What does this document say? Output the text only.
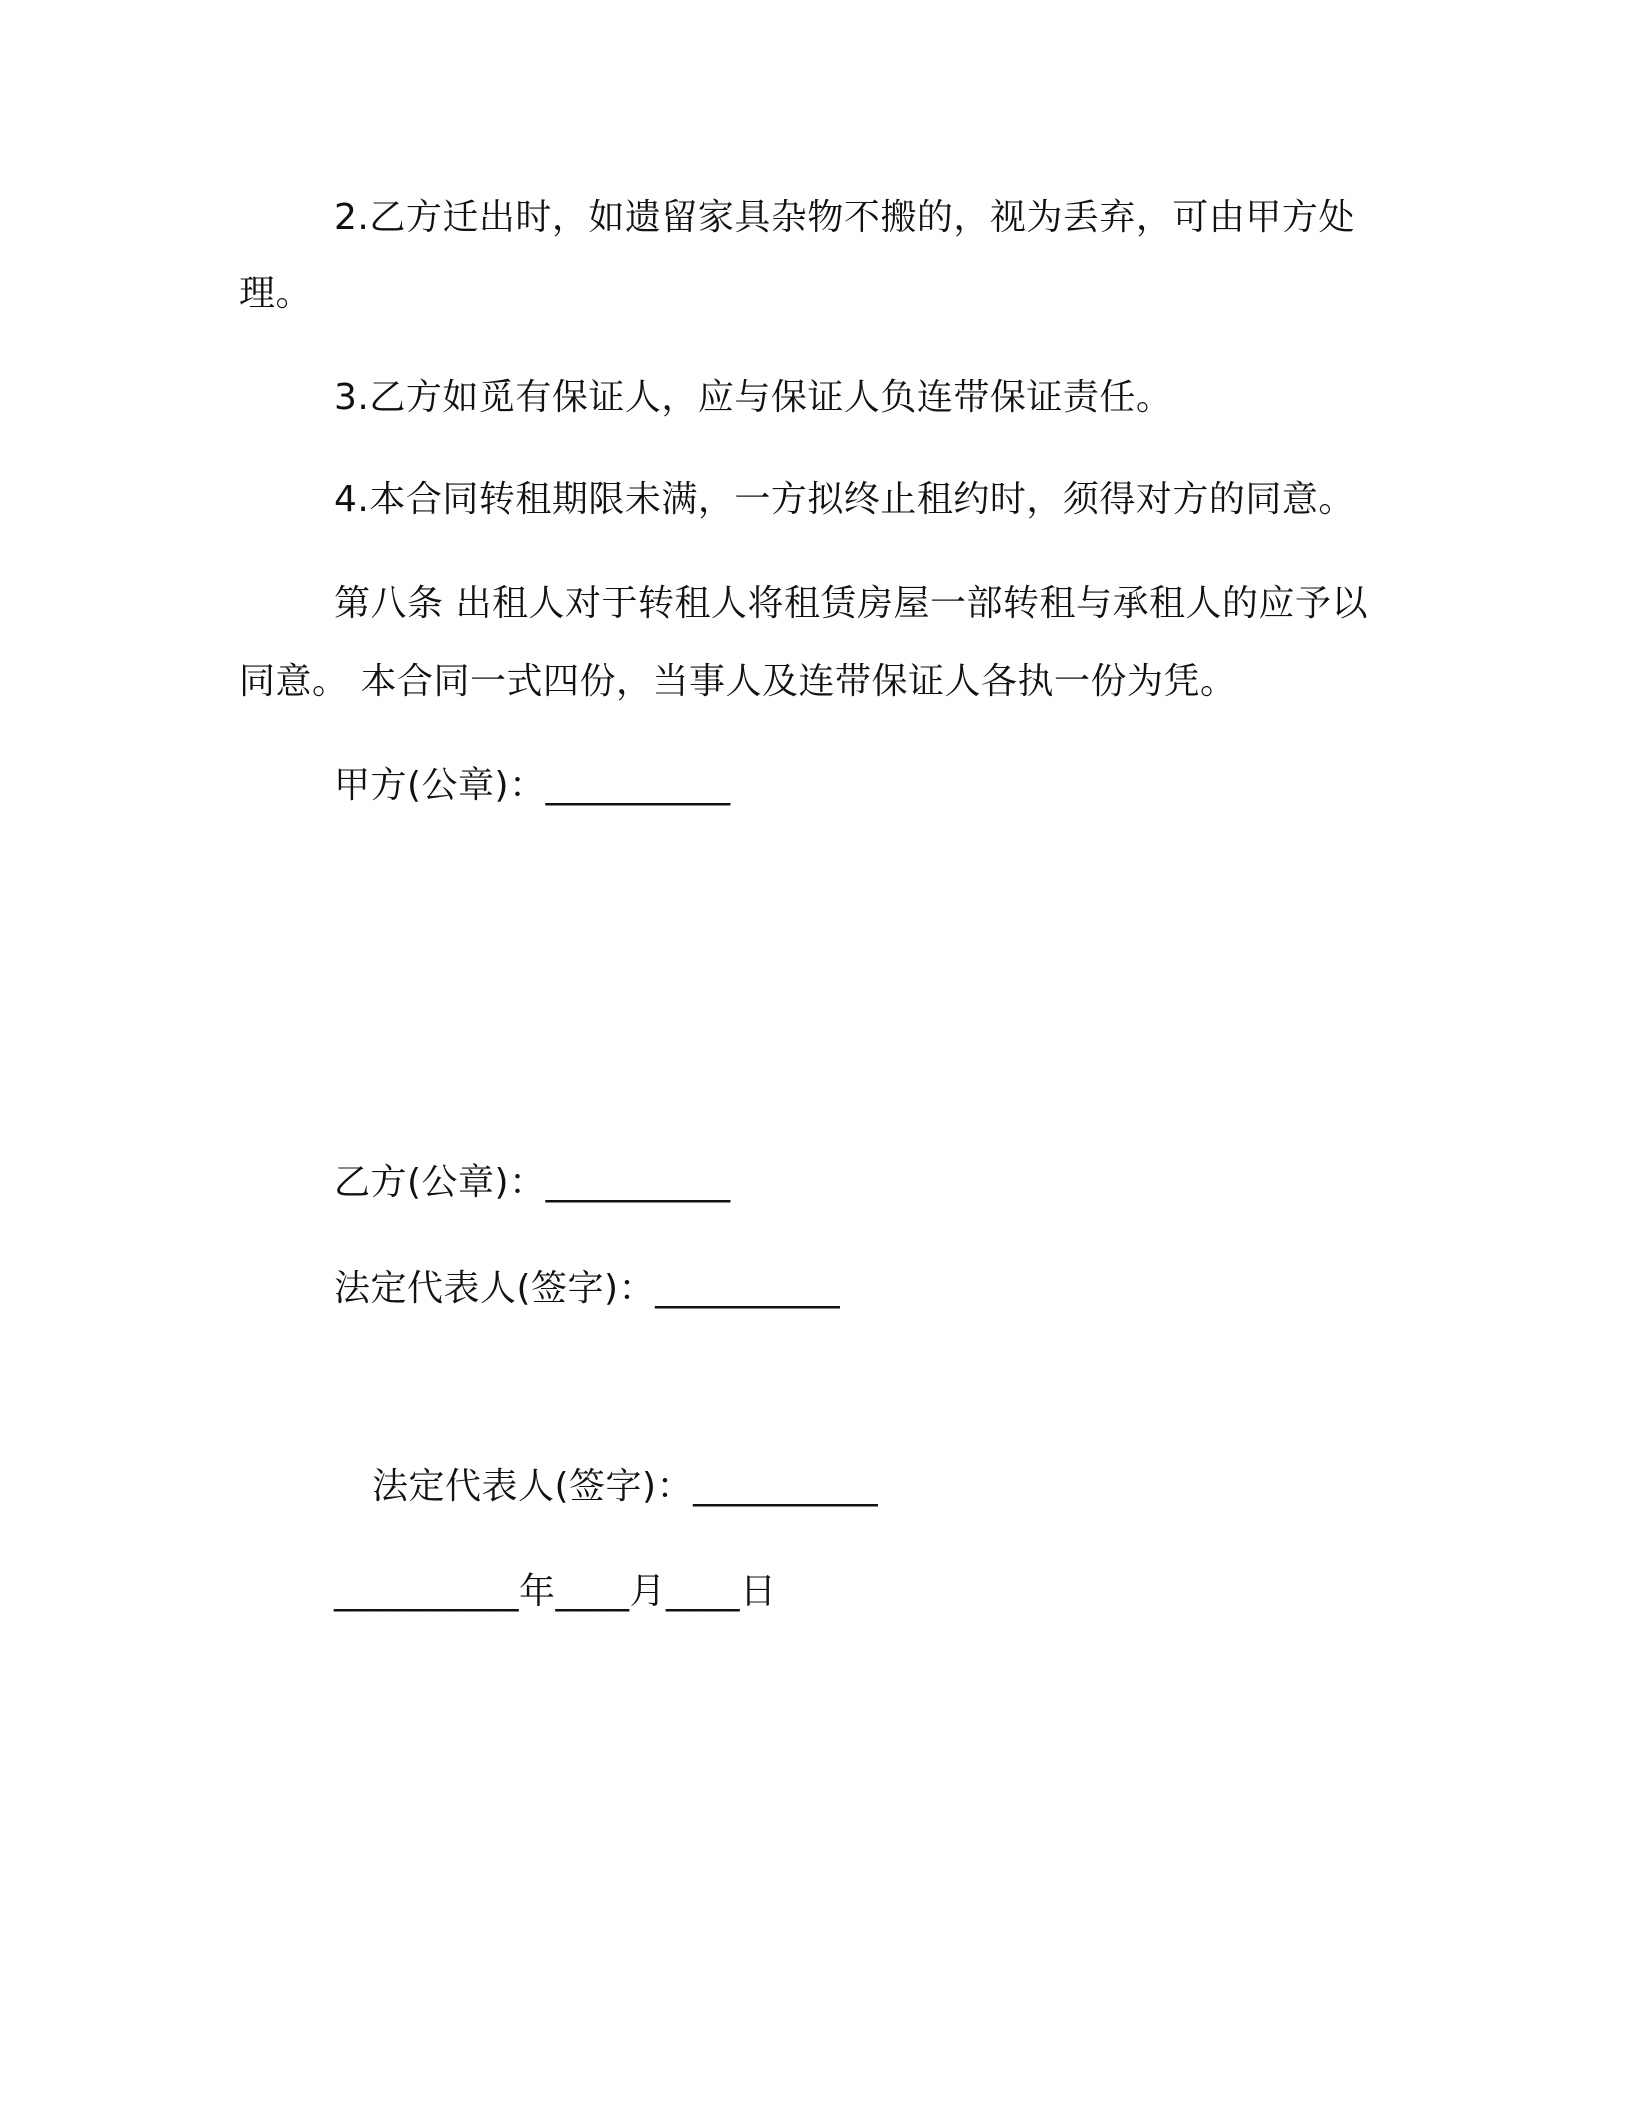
2.乙方迁出时，如遗留家具杂物不搬的，视为丢弃，可由甲方处
理。
3.乙方如觅有保证人，应与保证人负连带保证责任。
4.本合同转租期限未满，一方拟终止租约时，须得对方的同意。
第八条 出租人对于转租人将租赁房屋一部转租与承租人的应予以
同意。 本合同一式四份，当事人及连带保证人各执一份为凭。
甲方(公章)：__________
乙方(公章)：__________
法定代表人(签字)：__________
法定代表人(签字)：__________
__________年____月____日
